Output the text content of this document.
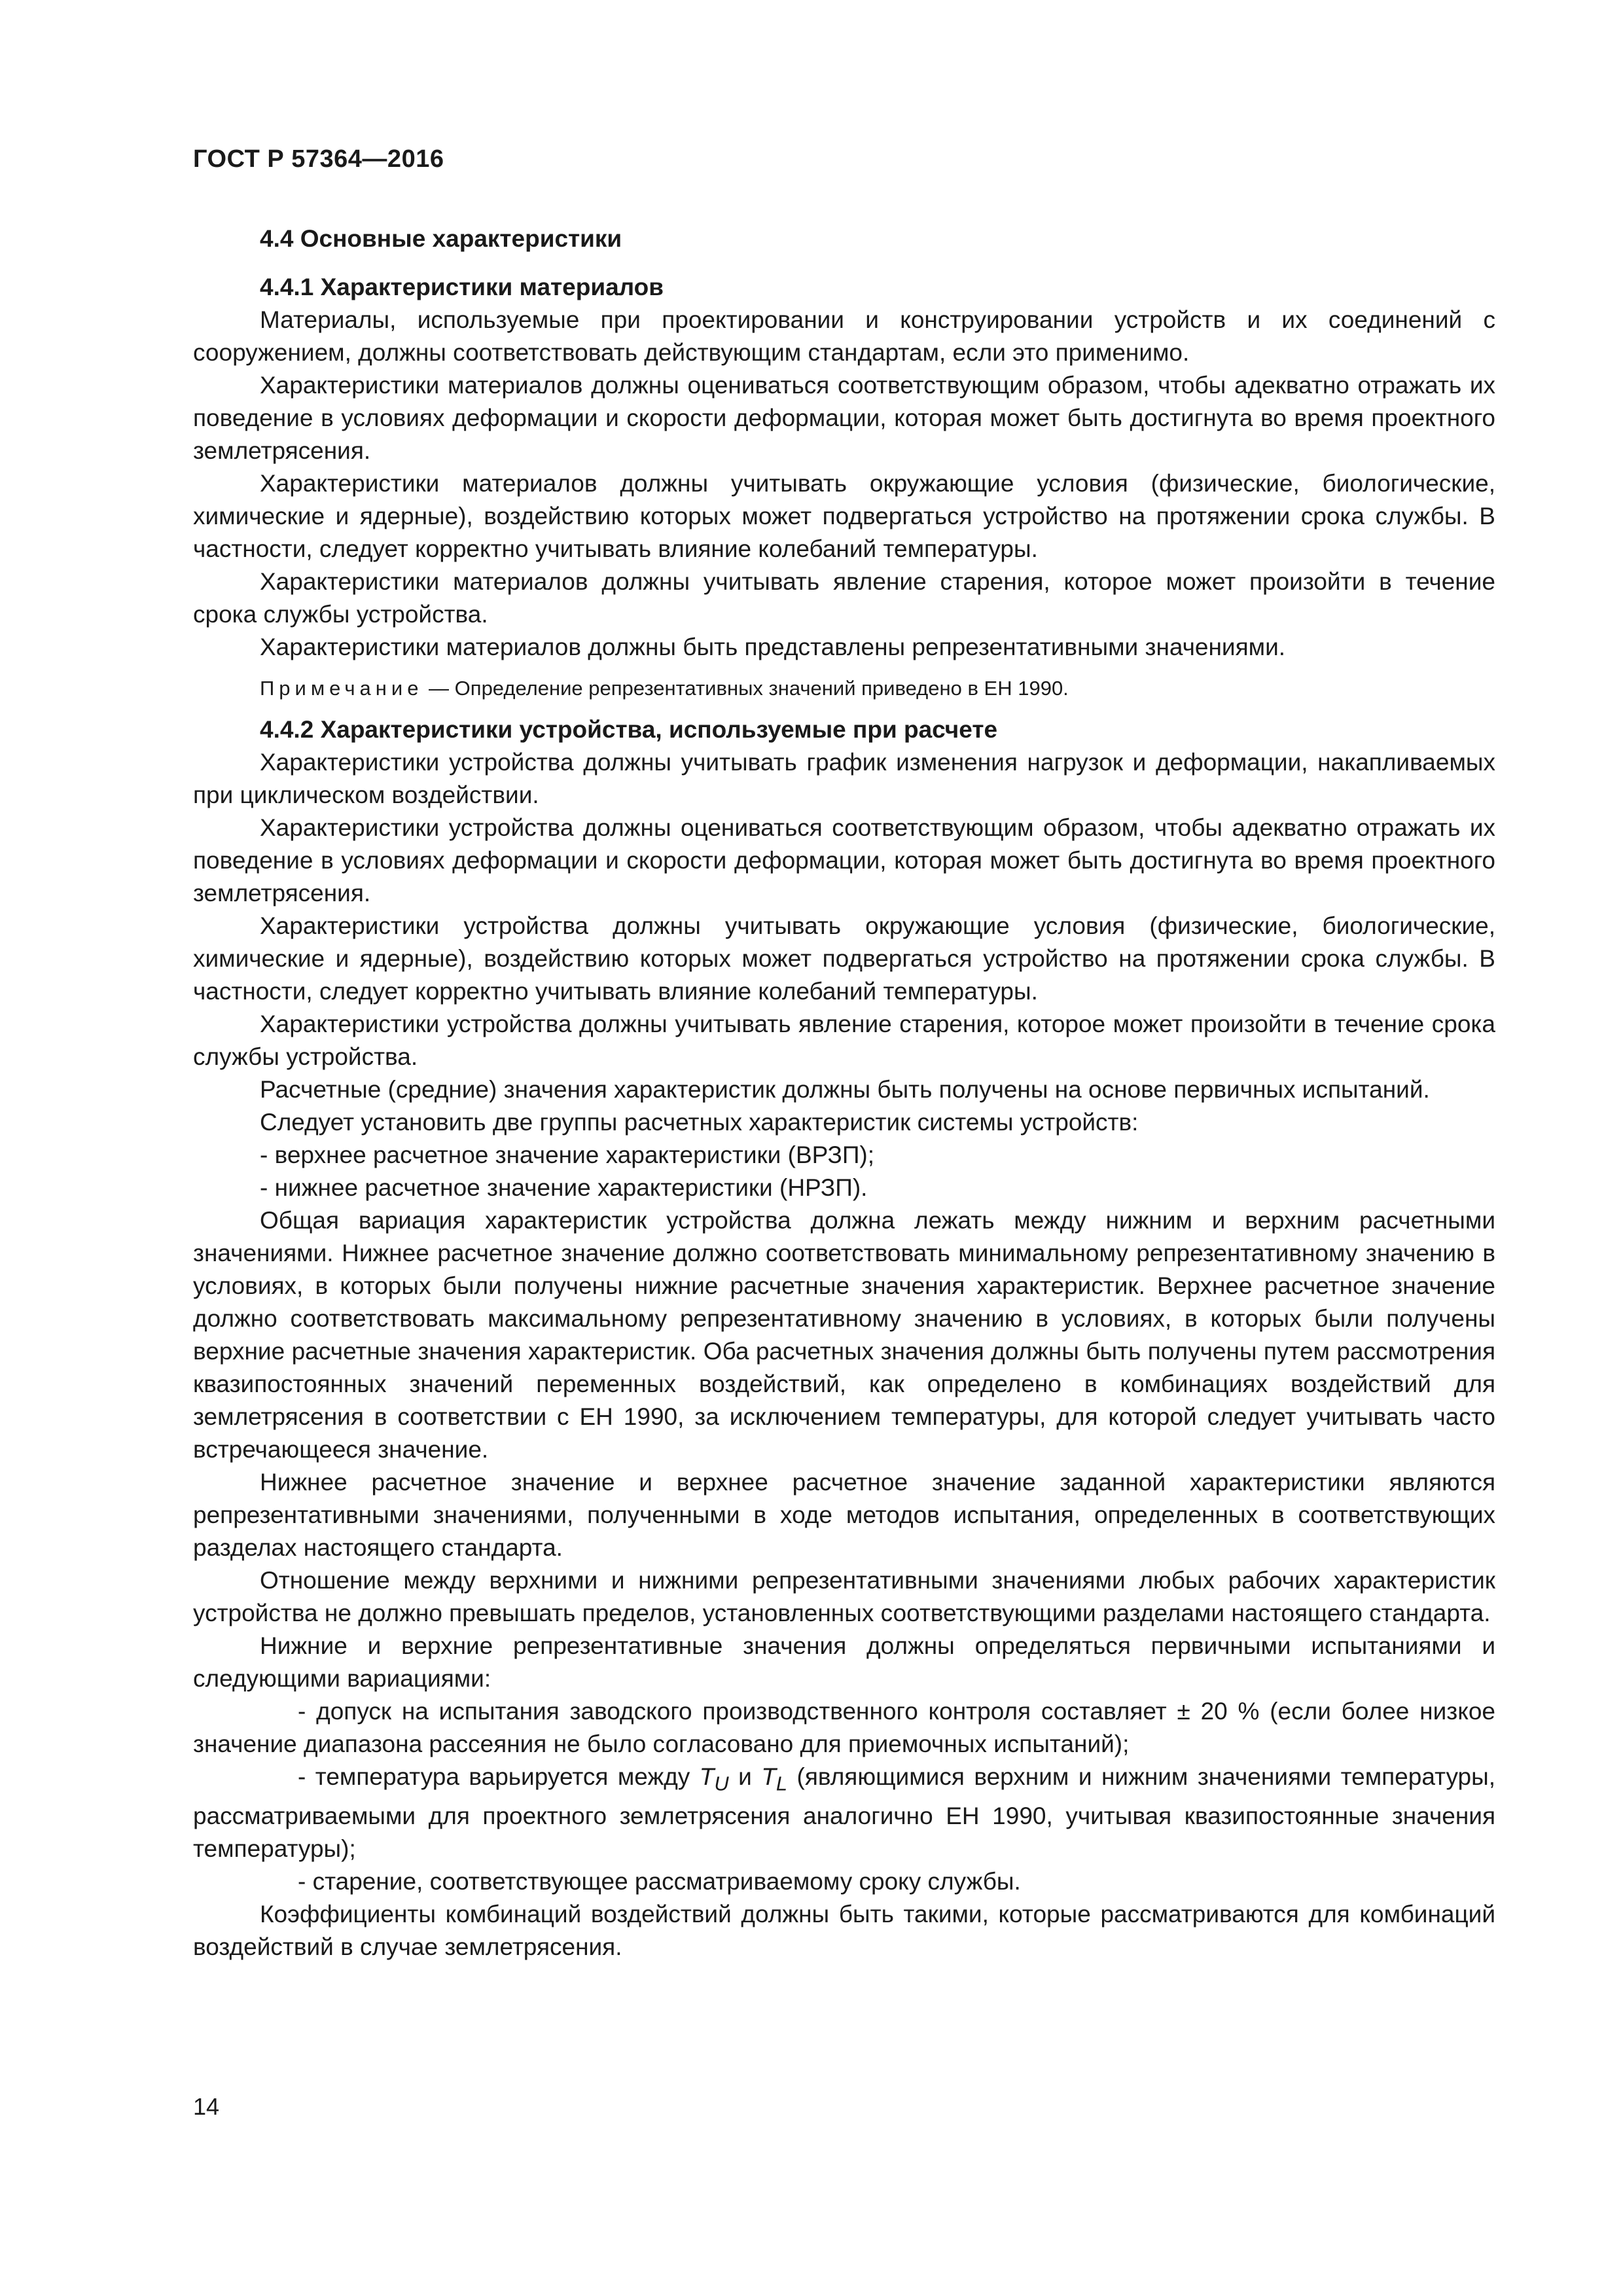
ГОСТ Р 57364—2016

4.4 Основные характеристики
4.4.1 Характеристики материалов

Материалы, используемые при проектировании и конструировании устройств и их соединений с сооружением, должны соответствовать действующим стандартам, если это применимо.

Характеристики материалов должны оцениваться соответствующим образом, чтобы адекватно отражать их поведение в условиях деформации и скорости деформации, которая может быть достигнута во время проектного землетрясения.

Характеристики материалов должны учитывать окружающие условия (физические, биологические, химические и ядерные), воздействию которых может подвергаться устройство на протяжении срока службы. В частности, следует корректно учитывать влияние колебаний температуры.

Характеристики материалов должны учитывать явление старения, которое может произойти в течение срока службы устройства.

Характеристики материалов должны быть представлены репрезентативными значениями.

Примечание — Определение репрезентативных значений приведено в ЕН 1990.

4.4.2 Характеристики устройства, используемые при расчете

Характеристики устройства должны учитывать график изменения нагрузок и деформации, накапливаемых при циклическом воздействии.

Характеристики устройства должны оцениваться соответствующим образом, чтобы адекватно отражать их поведение в условиях деформации и скорости деформации, которая может быть достигнута во время проектного землетрясения.

Характеристики устройства должны учитывать окружающие условия (физические, биологические, химические и ядерные), воздействию которых может подвергаться устройство на протяжении срока службы. В частности, следует корректно учитывать влияние колебаний температуры.

Характеристики устройства должны учитывать явление старения, которое может произойти в течение срока службы устройства.

Расчетные (средние) значения характеристик должны быть получены на основе первичных испытаний.

Следует установить две группы расчетных характеристик системы устройств:

- верхнее расчетное значение характеристики (ВРЗП);

- нижнее расчетное значение характеристики (НРЗП).

Общая вариация характеристик устройства должна лежать между нижним и верхним расчетными значениями. Нижнее расчетное значение должно соответствовать минимальному репрезентативному значению в условиях, в которых были получены нижние расчетные значения характеристик. Верхнее расчетное значение должно соответствовать максимальному репрезентативному значению в условиях, в которых были получены верхние расчетные значения характеристик. Оба расчетных значения должны быть получены путем рассмотрения квазипостоянных значений переменных воздействий, как определено в комбинациях воздействий для землетрясения в соответствии с ЕН 1990, за исключением температуры, для которой следует учитывать часто встречающееся значение.

Нижнее расчетное значение и верхнее расчетное значение заданной характеристики являются репрезентативными значениями, полученными в ходе методов испытания, определенных в соответствующих разделах настоящего стандарта.

Отношение между верхними и нижними репрезентативными значениями любых рабочих характеристик устройства не должно превышать пределов, установленных соответствующими разделами настоящего стандарта.

Нижние и верхние репрезентативные значения должны определяться первичными испытаниями и следующими вариациями:

- допуск на испытания заводского производственного контроля составляет ± 20 % (если более низкое значение диапазона рассеяния не было согласовано для приемочных испытаний);

- температура варьируется между $T_U$ и $T_L$ (являющимися верхним и нижним значениями температуры, рассматриваемыми для проектного землетрясения аналогично ЕН 1990, учитывая квазипостоянные значения температуры);

- старение, соответствующее рассматриваемому сроку службы.

Коэффициенты комбинаций воздействий должны быть такими, которые рассматриваются для комбинаций воздействий в случае землетрясения.

14
